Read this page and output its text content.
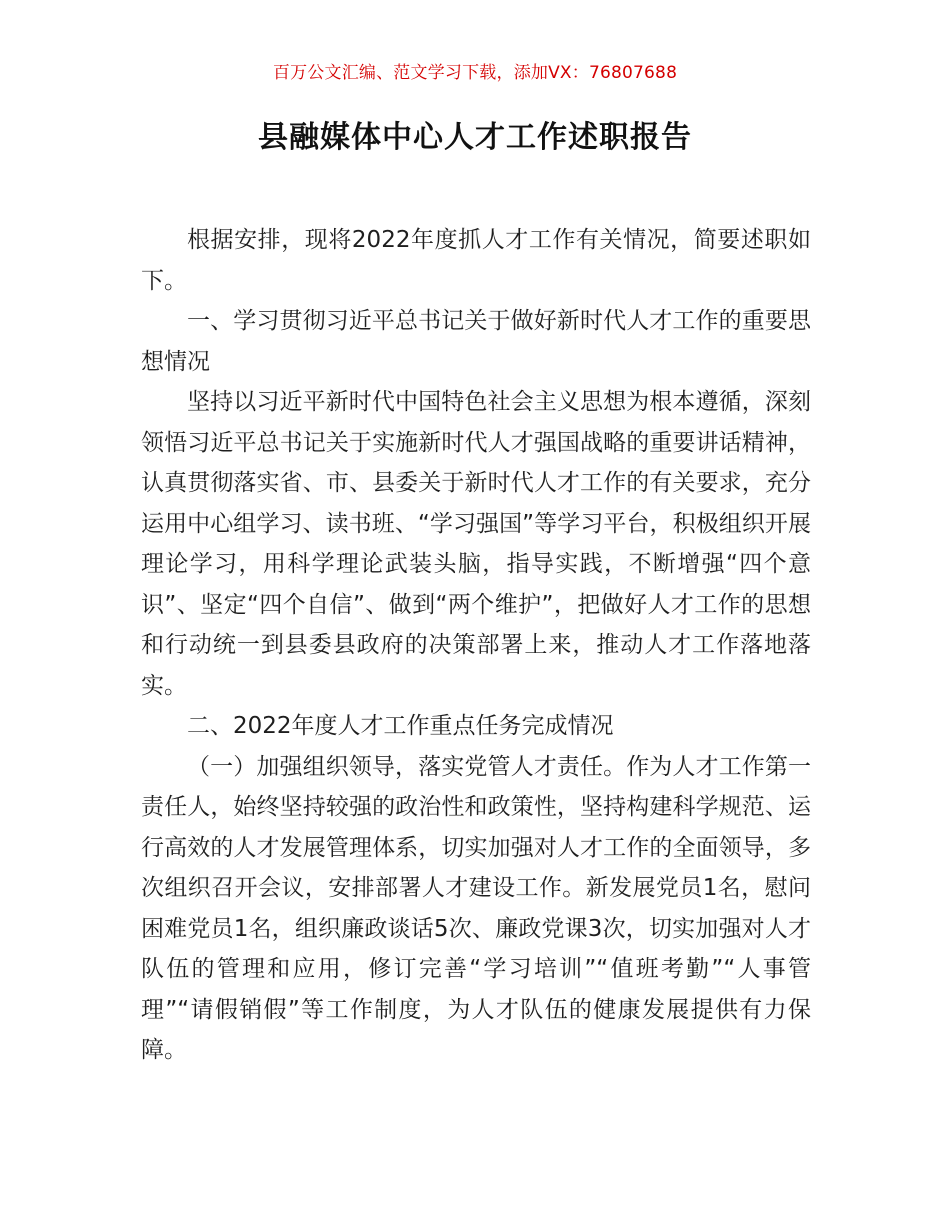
百万公文汇编、范文学习下载，添加VX：76807688
县融媒体中心人才工作述职报告

根据安排，现将2022年度抓人才工作有关情况，简要述职如下。

一、学习贯彻习近平总书记关于做好新时代人才工作的重要思想情况

坚持以习近平新时代中国特色社会主义思想为根本遵循，深刻领悟习近平总书记关于实施新时代人才强国战略的重要讲话精神，认真贯彻落实省、市、县委关于新时代人才工作的有关要求，充分运用中心组学习、读书班、“学习强国”等学习平台，积极组织开展理论学习，用科学理论武装头脑，指导实践，不断增强“四个意识”、坚定“四个自信”、做到“两个维护”，把做好人才工作的思想和行动统一到县委县政府的决策部署上来，推动人才工作落地落实。

二、2022年度人才工作重点任务完成情况

（一）加强组织领导，落实党管人才责任。作为人才工作第一责任人，始终坚持较强的政治性和政策性，坚持构建科学规范、运行高效的人才发展管理体系，切实加强对人才工作的全面领导，多次组织召开会议，安排部署人才建设工作。新发展党员1名，慰问困难党员1名，组织廉政谈话5次、廉政党课3次，切实加强对人才队伍的管理和应用，修订完善“学习培训”“值班考勤”“人事管理”“请假销假”等工作制度，为人才队伍的健康发展提供有力保障。
